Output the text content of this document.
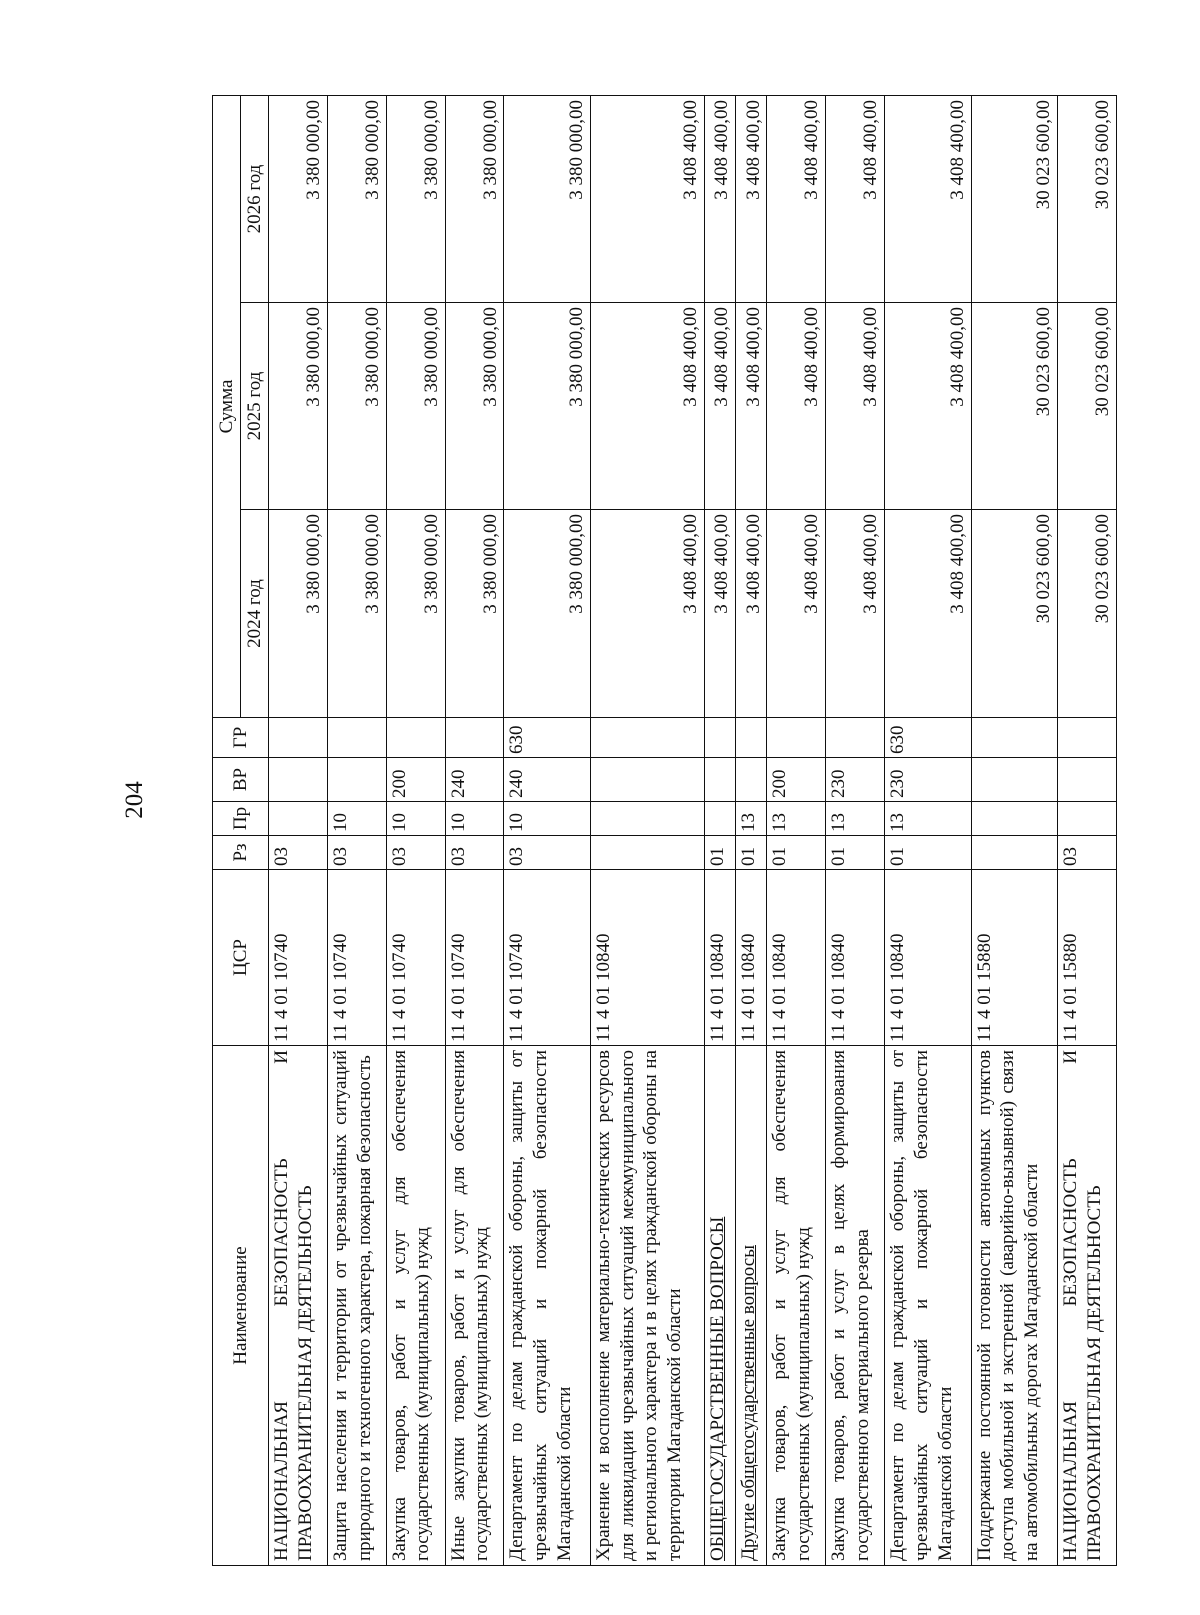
204
Наименование	ЦСР	Рз	Пр	ВР	ГР	Сумма		
						2024 год	2025 год	2026 год
НАЦИОНАЛЬНАЯ БЕЗОПАСНОСТЬ И ПРАВООХРАНИТЕЛЬНАЯ ДЕЯТЕЛЬНОСТЬ	11 4 01 10740	03				3 380 000,00	3 380 000,00	3 380 000,00
Защита населения и территории от чрезвычайных ситуаций природного и техногенного характера, пожарная безопасность	11 4 01 10740	03	10			3 380 000,00	3 380 000,00	3 380 000,00
Закупка товаров, работ и услуг для обеспечения государственных (муниципальных) нужд	11 4 01 10740	03	10	200		3 380 000,00	3 380 000,00	3 380 000,00
Иные закупки товаров, работ и услуг для обеспечения государственных (муниципальных) нужд	11 4 01 10740	03	10	240		3 380 000,00	3 380 000,00	3 380 000,00
Департамент по делам гражданской обороны, защиты от чрезвычайных ситуаций и пожарной безопасности Магаданской области	11 4 01 10740	03	10	240	630	3 380 000,00	3 380 000,00	3 380 000,00
Хранение и восполнение материально-технических ресурсов для ликвидации чрезвычайных ситуаций межмуниципального и регионального характера и в целях гражданской обороны на территории Магаданской области	11 4 01 10840					3 408 400,00	3 408 400,00	3 408 400,00
ОБЩЕГОСУДАРСТВЕННЫЕ ВОПРОСЫ	11 4 01 10840	01				3 408 400,00	3 408 400,00	3 408 400,00
Другие общегосударственные вопросы	11 4 01 10840	01	13			3 408 400,00	3 408 400,00	3 408 400,00
Закупка товаров, работ и услуг для обеспечения государственных (муниципальных) нужд	11 4 01 10840	01	13	200		3 408 400,00	3 408 400,00	3 408 400,00
Закупка товаров, работ и услуг в целях формирования государственного материального резерва	11 4 01 10840	01	13	230		3 408 400,00	3 408 400,00	3 408 400,00
Департамент по делам гражданской обороны, защиты от чрезвычайных ситуаций и пожарной безопасности Магаданской области	11 4 01 10840	01	13	230	630	3 408 400,00	3 408 400,00	3 408 400,00
Поддержание постоянной готовности автономных пунктов доступа мобильной и экстренной (аварийно-вызывной) связи на автомобильных дорогах Магаданской области	11 4 01 15880					30 023 600,00	30 023 600,00	30 023 600,00
НАЦИОНАЛЬНАЯ БЕЗОПАСНОСТЬ И ПРАВООХРАНИТЕЛЬНАЯ ДЕЯТЕЛЬНОСТЬ	11 4 01 15880	03				30 023 600,00	30 023 600,00	30 023 600,00
